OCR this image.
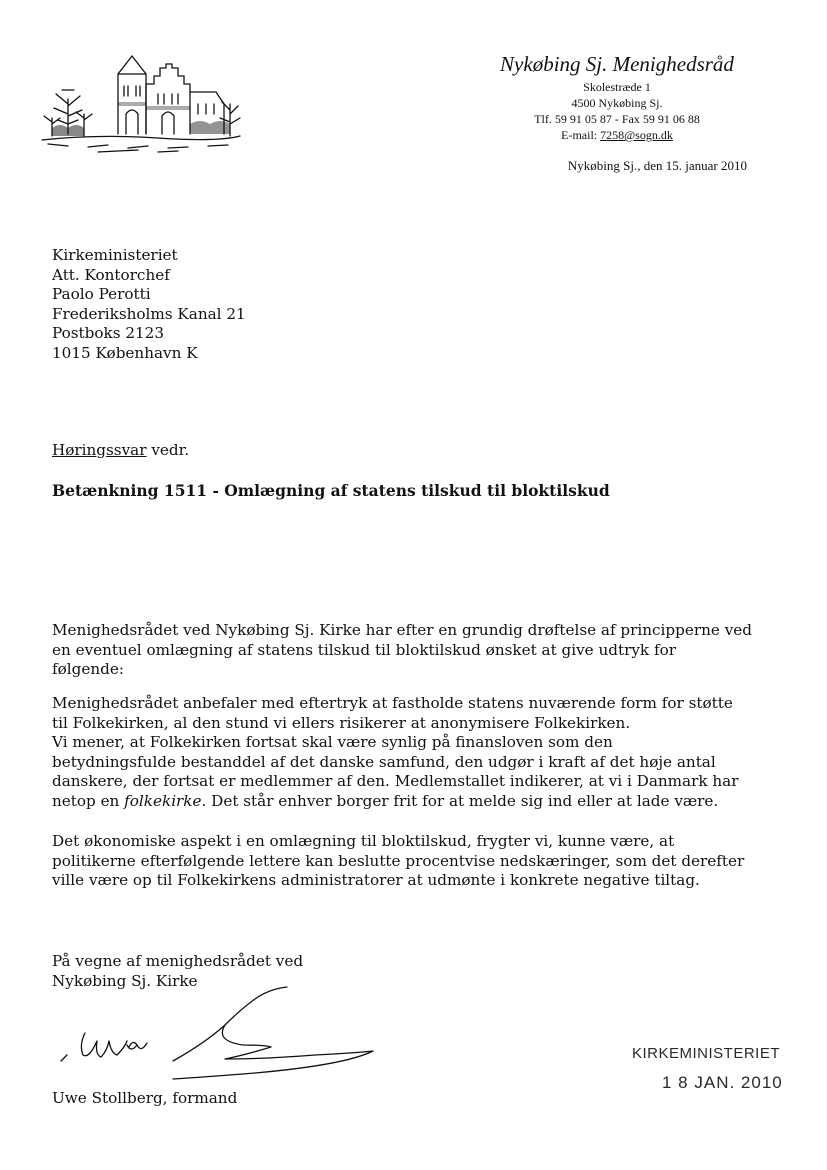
Nykøbing Sj. Menighedsråd
Skolestræde 1
4500 Nykøbing Sj.
Tlf. 59 91 05 87 - Fax 59 91 06 88
E-mail: 7258@sogn.dk
Nykøbing Sj., den 15. januar 2010
Kirkeministeriet
Att. Kontorchef
Paolo Perotti
Frederiksholms Kanal 21
Postboks 2123
1015 København K
Høringssvar vedr.
Betænkning 1511 - Omlægning af statens tilskud til bloktilskud
Menighedsrådet ved Nykøbing Sj. Kirke har efter en grundig drøftelse af principperne ved
en eventuel omlægning af statens tilskud til bloktilskud ønsket at give udtryk for
følgende:
Menighedsrådet anbefaler med eftertryk at fastholde statens nuværende form for støtte
til Folkekirken, al den stund vi ellers risikerer at anonymisere Folkekirken.
Vi mener, at Folkekirken fortsat skal være synlig på finansloven som den
betydningsfulde bestanddel af det danske samfund, den udgør i kraft af det høje antal
danskere, der fortsat er medlemmer af den. Medlemstallet indikerer, at vi i Danmark har
netop en folkekirke. Det står enhver borger frit for at melde sig ind eller at lade være.
Det økonomiske aspekt i en omlægning til bloktilskud, frygter vi, kunne være, at
politikerne efterfølgende lettere kan beslutte procentvise nedskæringer, som det derefter
ville være op til Folkekirkens administratorer at udmønte i konkrete negative tiltag.
På vegne af menighedsrådet ved
Nykøbing Sj. Kirke
Uwe Stollberg, formand
KIRKEMINISTERIET
1 8 JAN. 2010
